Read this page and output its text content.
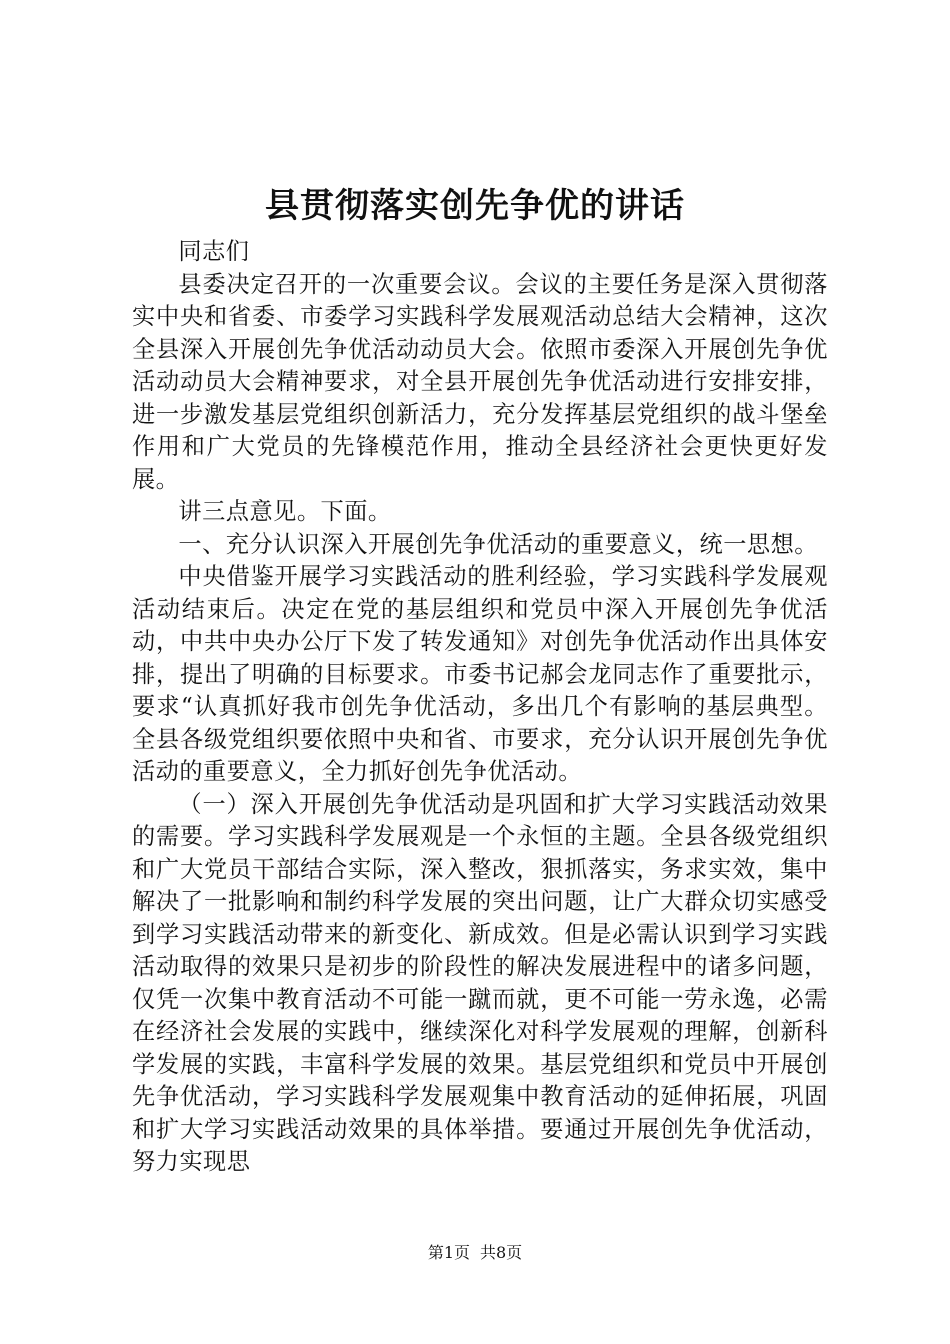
县贯彻落实创先争优的讲话

同志们

县委决定召开的一次重要会议。会议的主要任务是深入贯彻落实中央和省委、市委学习实践科学发展观活动总结大会精神，这次全县深入开展创先争优活动动员大会。依照市委深入开展创先争优活动动员大会精神要求，对全县开展创先争优活动进行安排安排，进一步激发基层党组织创新活力，充分发挥基层党组织的战斗堡垒作用和广大党员的先锋模范作用，推动全县经济社会更快更好发展。

讲三点意见。下面。

一、充分认识深入开展创先争优活动的重要意义，统一思想。

中央借鉴开展学习实践活动的胜利经验，学习实践科学发展观活动结束后。决定在党的基层组织和党员中深入开展创先争优活动，中共中央办公厅下发了转发通知》对创先争优活动作出具体安排，提出了明确的目标要求。市委书记郝会龙同志作了重要批示，要求“认真抓好我市创先争优活动，多出几个有影响的基层典型。全县各级党组织要依照中央和省、市要求，充分认识开展创先争优活动的重要意义，全力抓好创先争优活动。

（一）深入开展创先争优活动是巩固和扩大学习实践活动效果的需要。学习实践科学发展观是一个永恒的主题。全县各级党组织和广大党员干部结合实际，深入整改，狠抓落实，务求实效，集中解决了一批影响和制约科学发展的突出问题，让广大群众切实感受到学习实践活动带来的新变化、新成效。但是必需认识到学习实践活动取得的效果只是初步的阶段性的解决发展进程中的诸多问题，仅凭一次集中教育活动不可能一蹴而就，更不可能一劳永逸，必需在经济社会发展的实践中，继续深化对科学发展观的理解，创新科学发展的实践，丰富科学发展的效果。基层党组织和党员中开展创先争优活动，学习实践科学发展观集中教育活动的延伸拓展，巩固和扩大学习实践活动效果的具体举措。要通过开展创先争优活动，努力实现思

第1页 共8页
